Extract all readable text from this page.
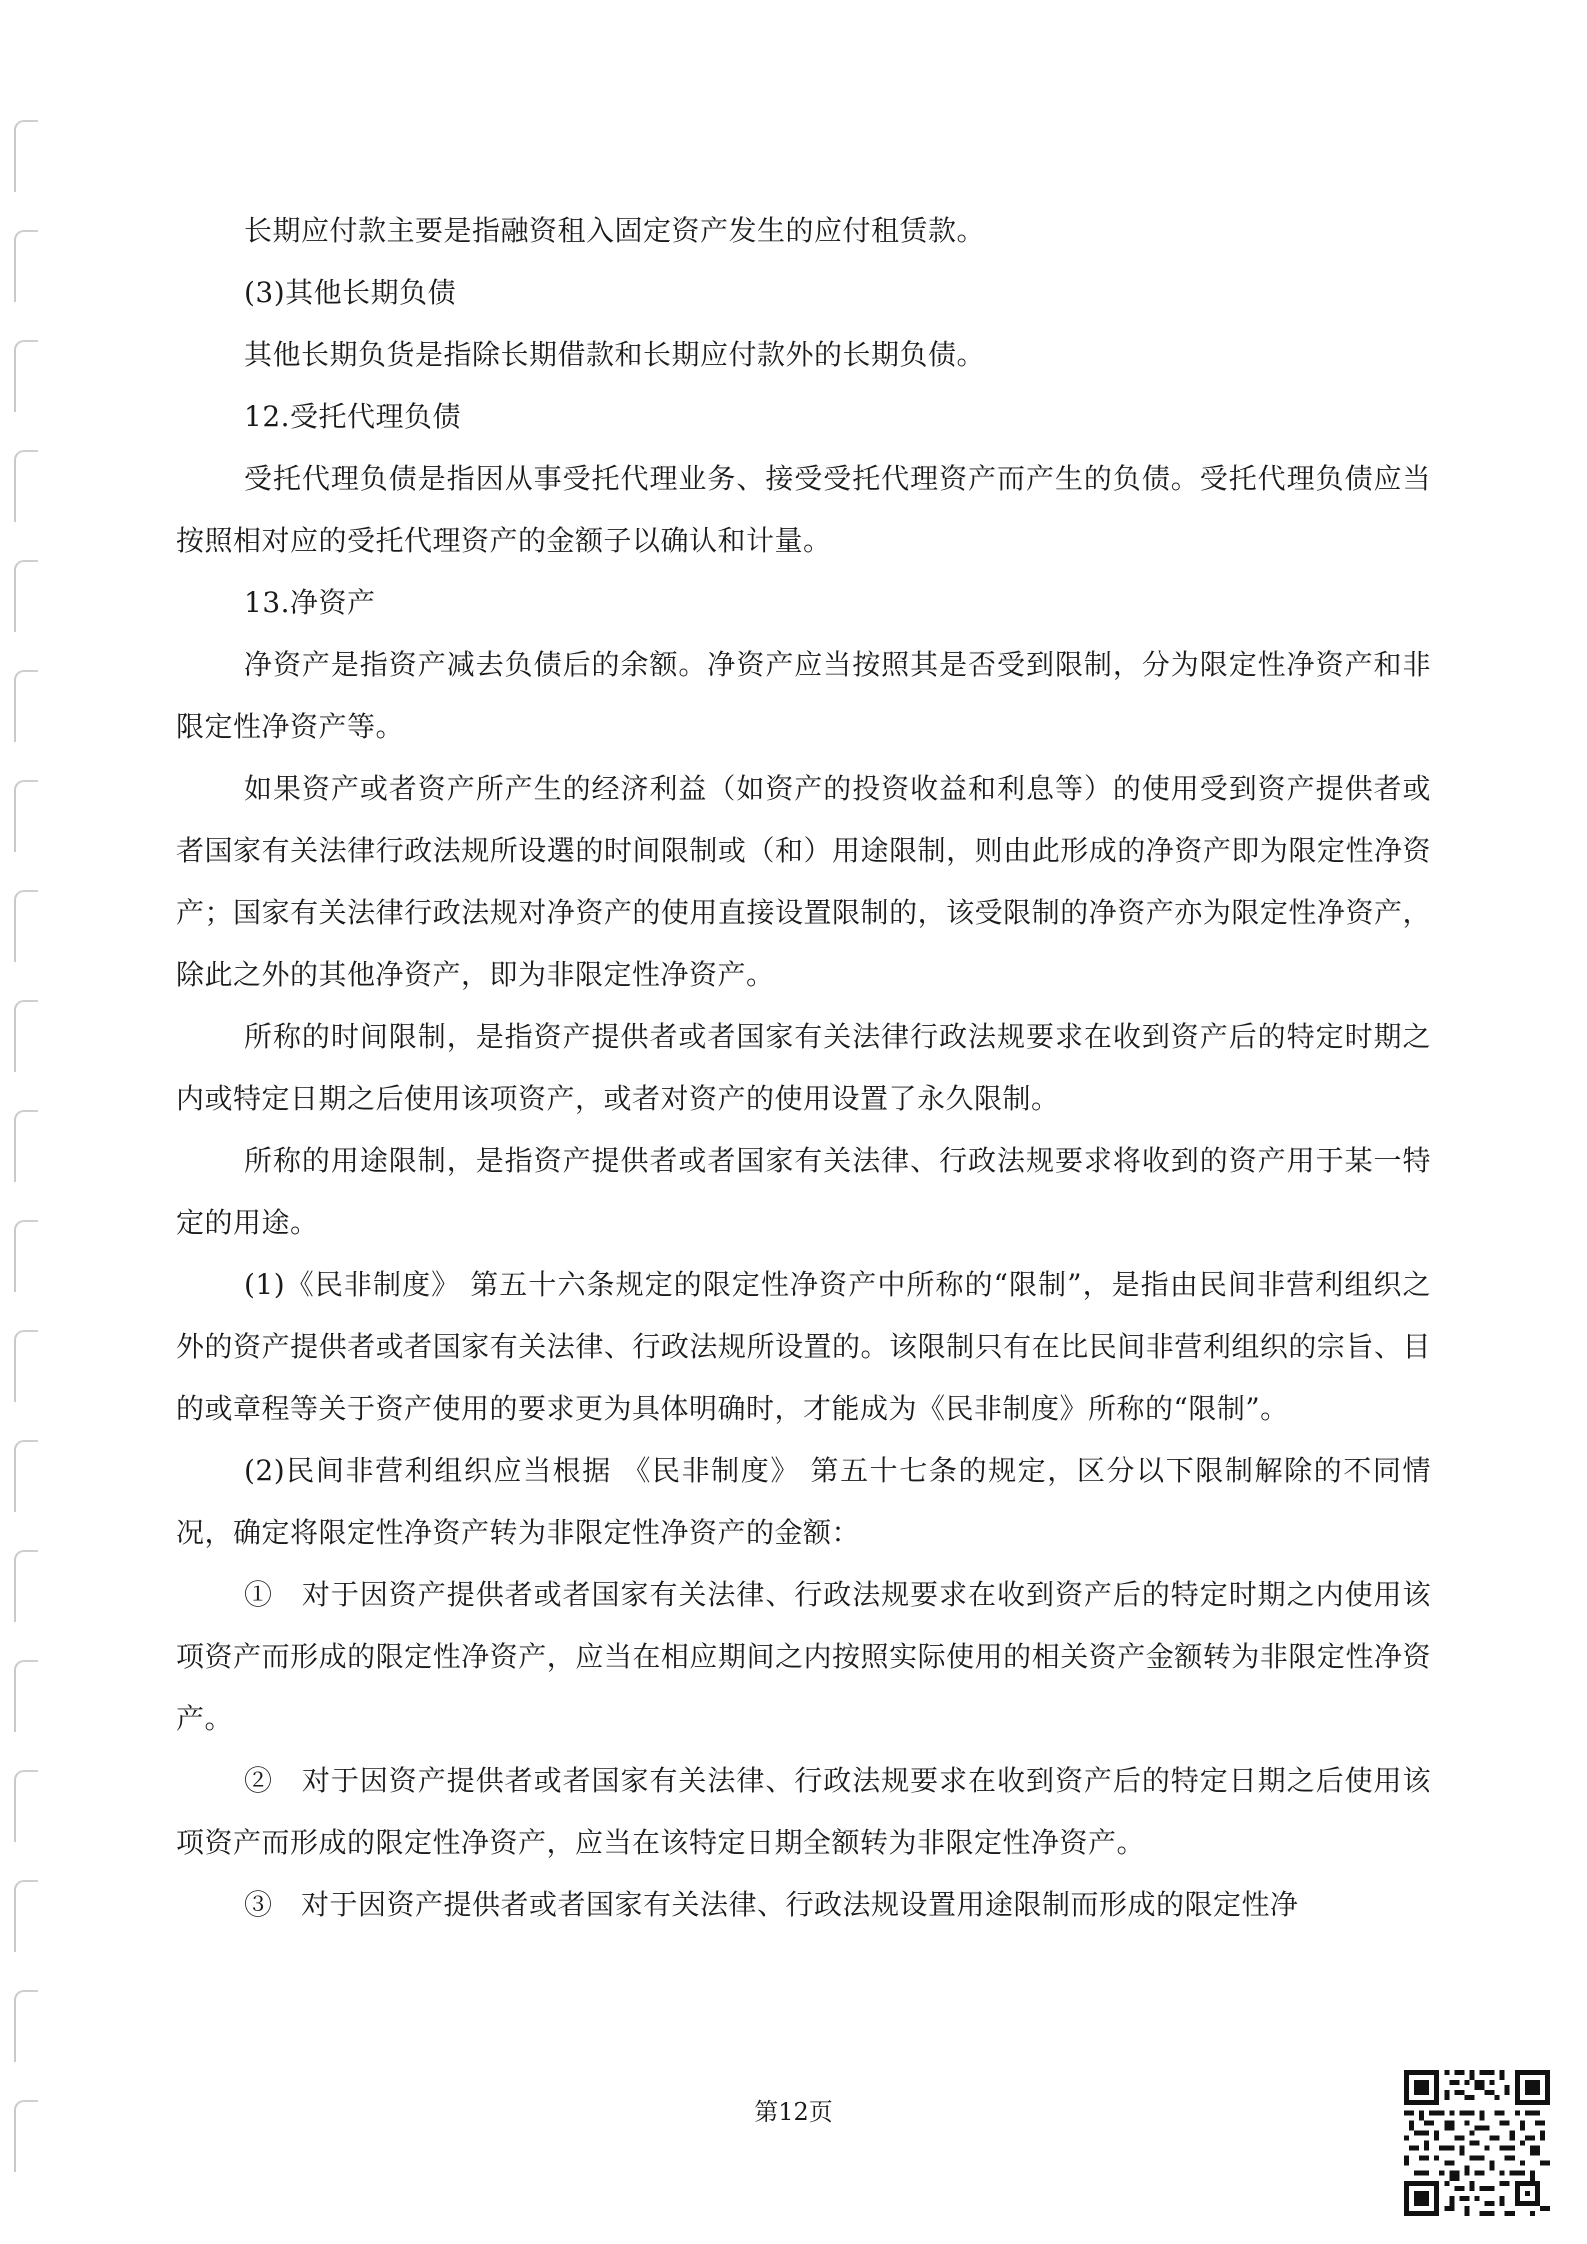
长期应付款主要是指融资租入固定资产发生的应付租赁款。

(3)其他长期负债

其他长期负货是指除长期借款和长期应付款外的长期负债。

12.受托代理负债

受托代理负债是指因从事受托代理业务、接受受托代理资产而产生的负债。受托代理负债应当按照相对应的受托代理资产的金额子以确认和计量。

13.净资产

净资产是指资产减去负债后的余额。净资产应当按照其是否受到限制，分为限定性净资产和非限定性净资产等。

如果资产或者资产所产生的经济利益（如资产的投资收益和利息等）的使用受到资产提供者或者国家有关法律行政法规所设選的时间限制或（和）用途限制，则由此形成的净资产即为限定性净资产；国家有关法律行政法规对净资产的使用直接设置限制的，该受限制的净资产亦为限定性净资产，除此之外的其他净资产，即为非限定性净资产。

所称的时间限制，是指资产提供者或者国家有关法律行政法规要求在收到资产后的特定时期之内或特定日期之后使用该项资产，或者对资产的使用设置了永久限制。

所称的用途限制，是指资产提供者或者国家有关法律、行政法规要求将收到的资产用于某一特定的用途。

(1)《民非制度》 第五十六条规定的限定性净资产中所称的“限制”，是指由民间非营利组织之外的资产提供者或者国家有关法律、行政法规所设置的。该限制只有在比民间非营利组织的宗旨、目的或章程等关于资产使用的要求更为具体明确时，才能成为《民非制度》所称的“限制”。

(2)民间非营利组织应当根据 《民非制度》 第五十七条的规定，区分以下限制解除的不同情况，确定将限定性净资产转为非限定性净资产的金额：

①　对于因资产提供者或者国家有关法律、行政法规要求在收到资产后的特定时期之内使用该项资产而形成的限定性净资产，应当在相应期间之内按照实际使用的相关资产金额转为非限定性净资产。

②　对于因资产提供者或者国家有关法律、行政法规要求在收到资产后的特定日期之后使用该项资产而形成的限定性净资产，应当在该特定日期全额转为非限定性净资产。

③　对于因资产提供者或者国家有关法律、行政法规设置用途限制而形成的限定性净

第12页
